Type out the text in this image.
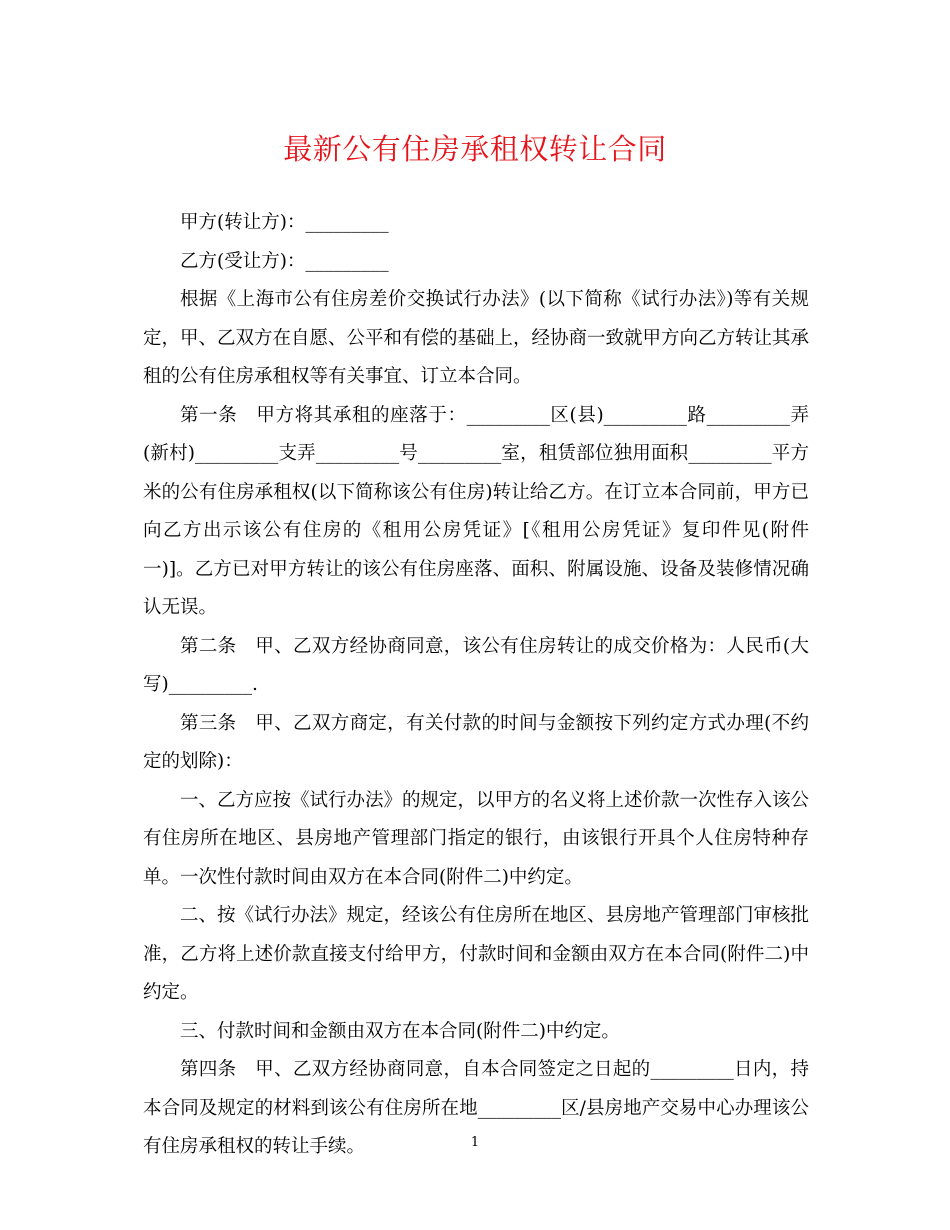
最新公有住房承租权转让合同

甲方(转让方)：_________

乙方(受让方)：_________

根据《上海市公有住房差价交换试行办法》(以下简称《试行办法》)等有关规定，甲、乙双方在自愿、公平和有偿的基础上，经协商一致就甲方向乙方转让其承租的公有住房承租权等有关事宜、订立本合同。

第一条　甲方将其承租的座落于：_________区(县)_________路_________弄(新村)_________支弄_________号_________室，租赁部位独用面积_________平方米的公有住房承租权(以下简称该公有住房)转让给乙方。在订立本合同前，甲方已向乙方出示该公有住房的《租用公房凭证》[《租用公房凭证》复印件见(附件一)]。乙方已对甲方转让的该公有住房座落、面积、附属设施、设备及装修情况确认无误。

第二条　甲、乙双方经协商同意，该公有住房转让的成交价格为：人民币(大写)_________.

第三条　甲、乙双方商定，有关付款的时间与金额按下列约定方式办理(不约定的划除)：

一、乙方应按《试行办法》的规定，以甲方的名义将上述价款一次性存入该公有住房所在地区、县房地产管理部门指定的银行，由该银行开具个人住房特种存单。一次性付款时间由双方在本合同(附件二)中约定。

二、按《试行办法》规定，经该公有住房所在地区、县房地产管理部门审核批准，乙方将上述价款直接支付给甲方，付款时间和金额由双方在本合同(附件二)中约定。

三、付款时间和金额由双方在本合同(附件二)中约定。

第四条　甲、乙双方经协商同意，自本合同签定之日起的_________日内，持本合同及规定的材料到该公有住房所在地_________区/县房地产交易中心办理该公有住房承租权的转让手续。	1
